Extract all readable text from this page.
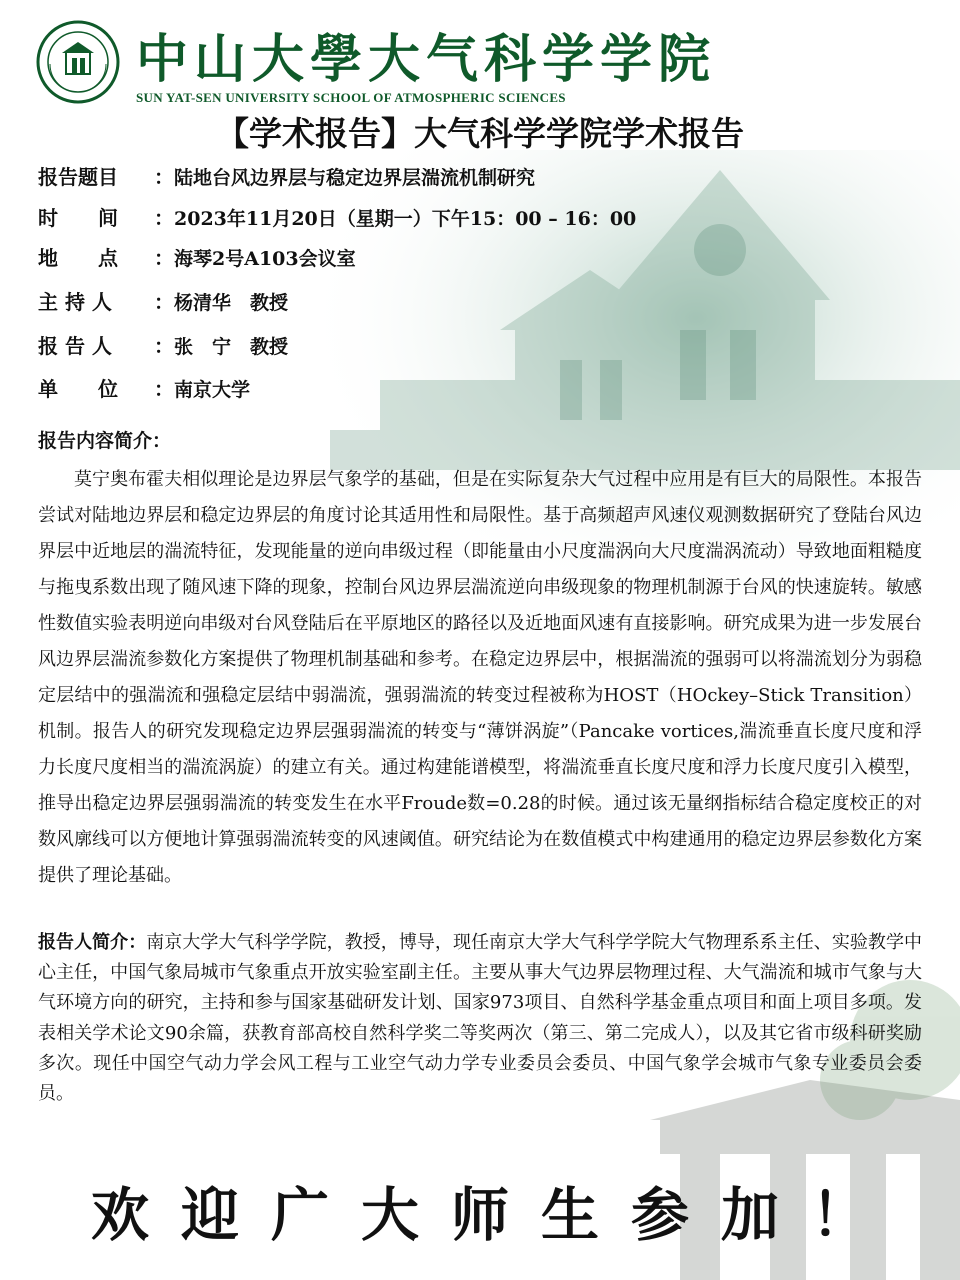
中山大學大气科学学院
SUN YAT-SEN UNIVERSITY SCHOOL OF ATMOSPHERIC SCIENCES
【学术报告】大气科学学院学术报告
报告题目 ：陆地台风边界层与稳定边界层湍流机制研究
时　　间 ：2023年11月20日（星期一）下午15：00 – 16：00
地　　点 ：海琴2号A103会议室
主 持 人 ：杨清华　教授
报 告 人 ：张　宁　教授
单　　位 ：南京大学
报告内容简介：

莫宁奥布霍夫相似理论是边界层气象学的基础，但是在实际复杂大气过程中应用是有巨大的局限性。本报告尝试对陆地边界层和稳定边界层的角度讨论其适用性和局限性。基于高频超声风速仪观测数据研究了登陆台风边界层中近地层的湍流特征，发现能量的逆向串级过程（即能量由小尺度湍涡向大尺度湍涡流动）导致地面粗糙度与拖曳系数出现了随风速下降的现象，控制台风边界层湍流逆向串级现象的物理机制源于台风的快速旋转。敏感性数值实验表明逆向串级对台风登陆后在平原地区的路径以及近地面风速有直接影响。研究成果为进一步发展台风边界层湍流参数化方案提供了物理机制基础和参考。在稳定边界层中，根据湍流的强弱可以将湍流划分为弱稳定层结中的强湍流和强稳定层结中弱湍流，强弱湍流的转变过程被称为HOST（HOckey–Stick Transition）机制。报告人的研究发现稳定边界层强弱湍流的转变与“薄饼涡旋”（Pancake vortices,湍流垂直长度尺度和浮力长度尺度相当的湍流涡旋）的建立有关。通过构建能谱模型，将湍流垂直长度尺度和浮力长度尺度引入模型，推导出稳定边界层强弱湍流的转变发生在水平Froude数=0.28的时候。通过该无量纲指标结合稳定度校正的对数风廓线可以方便地计算强弱湍流转变的风速阈值。研究结论为在数值模式中构建通用的稳定边界层参数化方案提供了理论基础。

报告人简介：南京大学大气科学学院，教授，博导，现任南京大学大气科学学院大气物理系系主任、实验教学中心主任，中国气象局城市气象重点开放实验室副主任。主要从事大气边界层物理过程、大气湍流和城市气象与大气环境方向的研究，主持和参与国家基础研发计划、国家973项目、自然科学基金重点项目和面上项目多项。发表相关学术论文90余篇，获教育部高校自然科学奖二等奖两次（第三、第二完成人），以及其它省市级科研奖励多次。现任中国空气动力学会风工程与工业空气动力学专业委员会委员、中国气象学会城市气象专业委员会委员。

欢迎广大师生参加！
